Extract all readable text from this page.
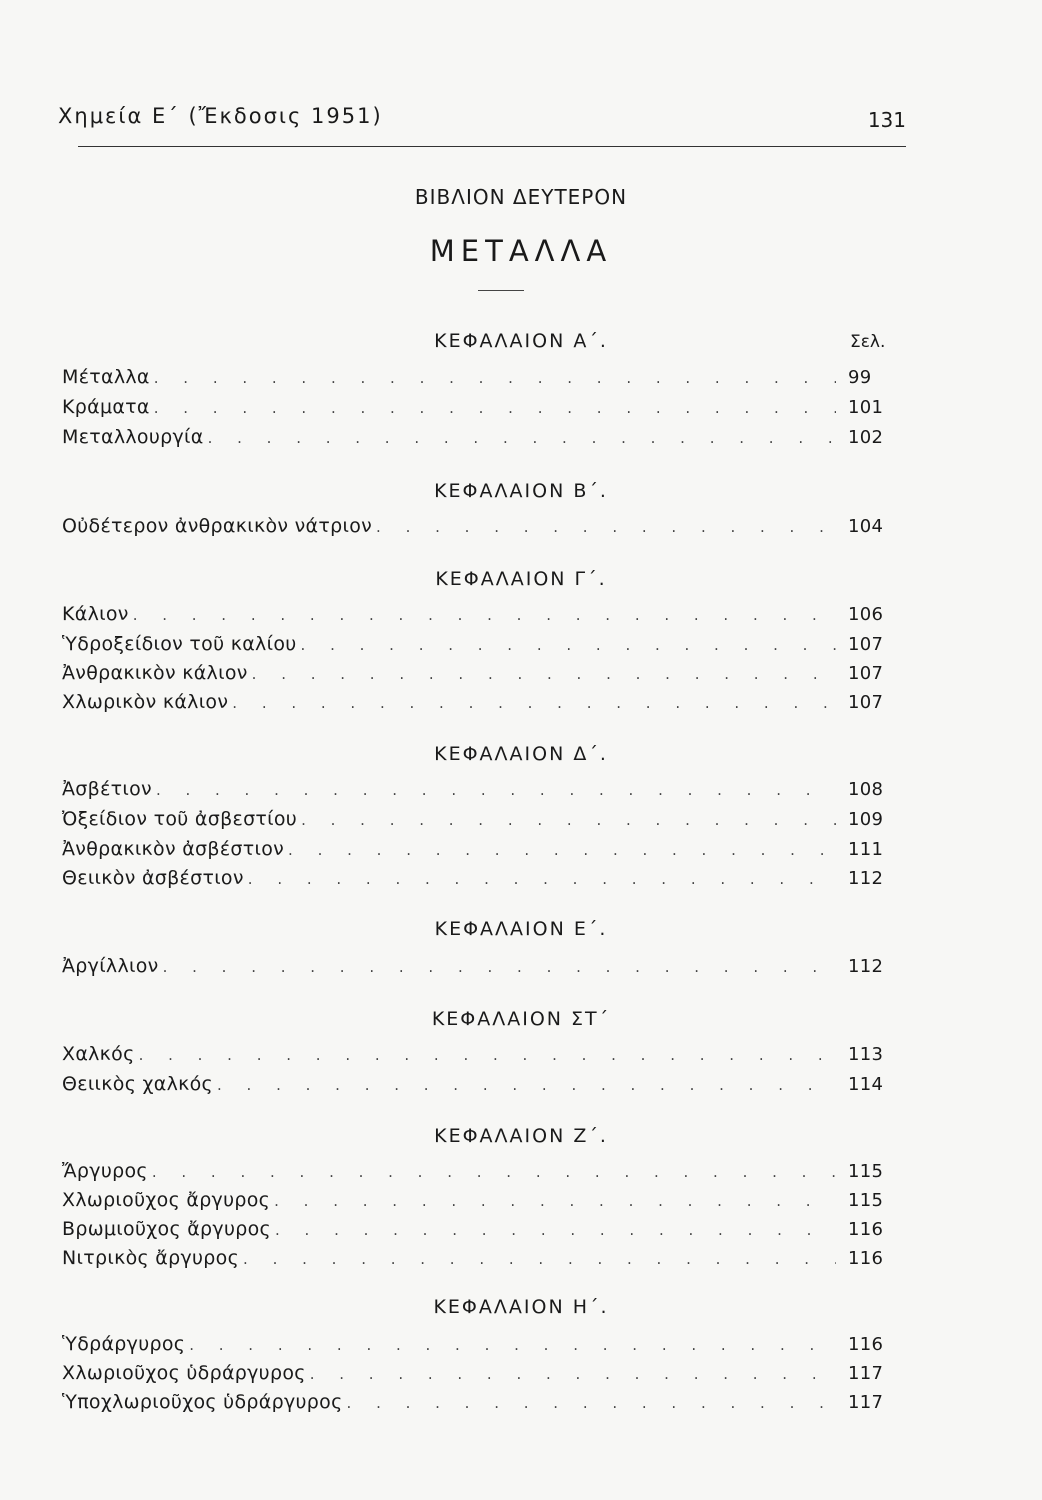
Χημεία Ε΄ (Ἔκδοσις 1951)	131
ΒΙΒΛΙΟΝ ΔΕΥΤΕΡΟΝ
ΜΕΤΑΛΛΑ
Σελ.
ΚΕΦΑΛΑΙΟΝ Α΄.
Μέταλλα . . .	99
Κράματα . . .	101
Μεταλλουργία . . .	102
ΚΕΦΑΛΑΙΟΝ Β΄.
Οὐδέτερον ἀνθρακικὸν νάτριον . . .	104
ΚΕΦΑΛΑΙΟΝ Γ΄.
Κάλιον . . .	106
Ὑδροξείδιον τοῦ καλίου . . .	107
Ἀνθρακικὸν κάλιον . . .	107
Χλωρικὸν κάλιον . . .	107
ΚΕΦΑΛΑΙΟΝ Δ΄.
Ἀσβέτιον . . .	108
Ὀξείδιον τοῦ ἀσβεστίου . . .	109
Ἀνθρακικὸν ἀσβέστιον . . .	111
Θειικὸν ἀσβέστιον . . .	112
ΚΕΦΑΛΑΙΟΝ Ε΄.
Ἀργίλλιον . . .	112
ΚΕΦΑΛΑΙΟΝ ΣΤ΄
Χαλκός . . .	113
Θειικὸς χαλκός . . .	114
ΚΕΦΑΛΑΙΟΝ Ζ΄.
Ἄργυρος . . .	115
Χλωριοῦχος ἄργυρος . . .	115
Βρωμιοῦχος ἄργυρος . . .	116
Νιτρικὸς ἄργυρος . . .	116
ΚΕΦΑΛΑΙΟΝ Η΄.
Ὑδράργυρος . . .	116
Χλωριοῦχος ὑδράργυρος . . .	117
Ὑποχλωριοῦχος ὑδράργυρος . . .	117
